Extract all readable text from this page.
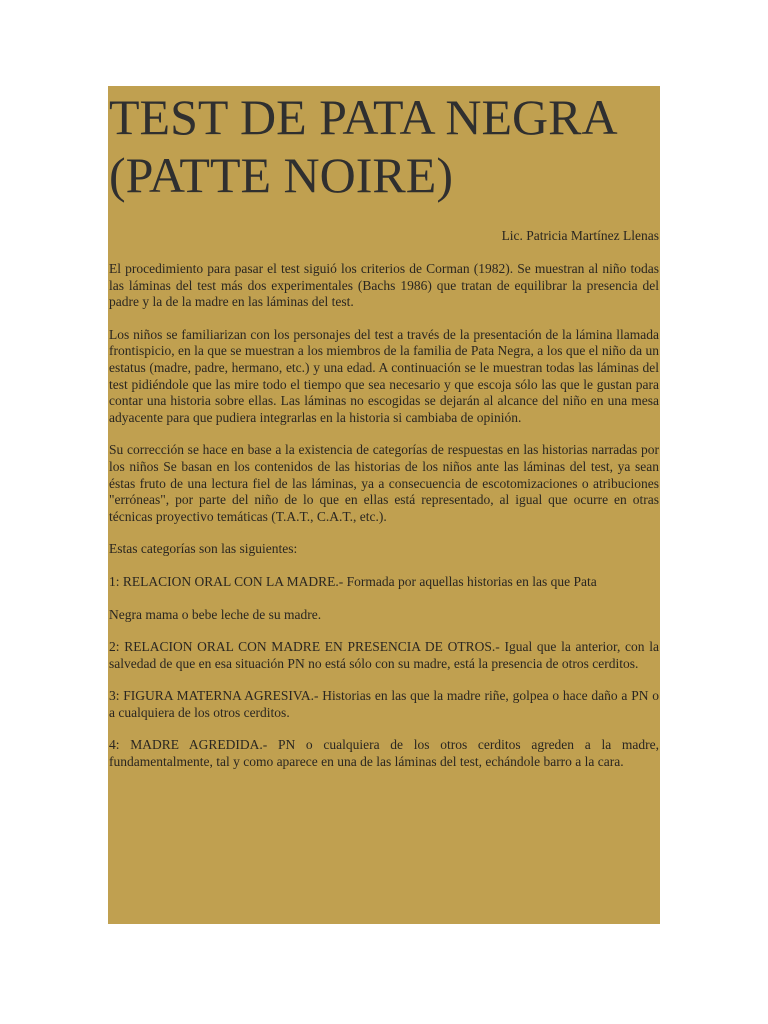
TEST DE PATA NEGRA (PATTE NOIRE)

Lic. Patricia Martínez Llenas

El procedimiento para pasar el test siguió los criterios de Corman (1982). Se muestran al niño todas las láminas del test más dos experimentales (Bachs 1986) que tratan de equilibrar la presencia del padre y la de la madre en las láminas del test.

Los niños se familiarizan con los personajes del test a través de la presentación de la lámina llamada frontispicio, en la que se muestran a los miembros de la familia de Pata Negra, a los que el niño da un estatus (madre, padre, hermano, etc.) y una edad. A continuación se le muestran todas las láminas del test pidiéndole que las mire todo el tiempo que sea necesario y que escoja sólo las que le gustan para contar una historia sobre ellas. Las láminas no escogidas se dejarán al alcance del niño en una mesa adyacente para que pudiera integrarlas en la historia si cambiaba de opinión.

Su corrección se hace en base a la existencia de categorías de respuestas en las historias narradas por los niños Se basan en los contenidos de las historias de los niños ante las láminas del test, ya sean éstas fruto de una lectura fiel de las láminas, ya a consecuencia de escotomizaciones o atribuciones "erróneas", por parte del niño de lo que en ellas está representado, al igual que ocurre en otras técnicas proyectivo temáticas (T.A.T., C.A.T., etc.).

Estas categorías son las siguientes:

1: RELACION ORAL CON LA MADRE.- Formada por aquellas historias en las que Pata

Negra mama o bebe leche de su madre.

2: RELACION ORAL CON MADRE EN PRESENCIA DE OTROS.- Igual que la anterior, con la salvedad de que en esa situación PN no está sólo con su madre, está la presencia de otros cerditos.

3: FIGURA MATERNA AGRESIVA.- Historias en las que la madre riñe, golpea o hace daño a PN o a cualquiera de los otros cerditos.

4: MADRE AGREDIDA.- PN o cualquiera de los otros cerditos agreden a la madre, fundamentalmente, tal y como aparece en una de las láminas del test, echándole barro a la cara.
